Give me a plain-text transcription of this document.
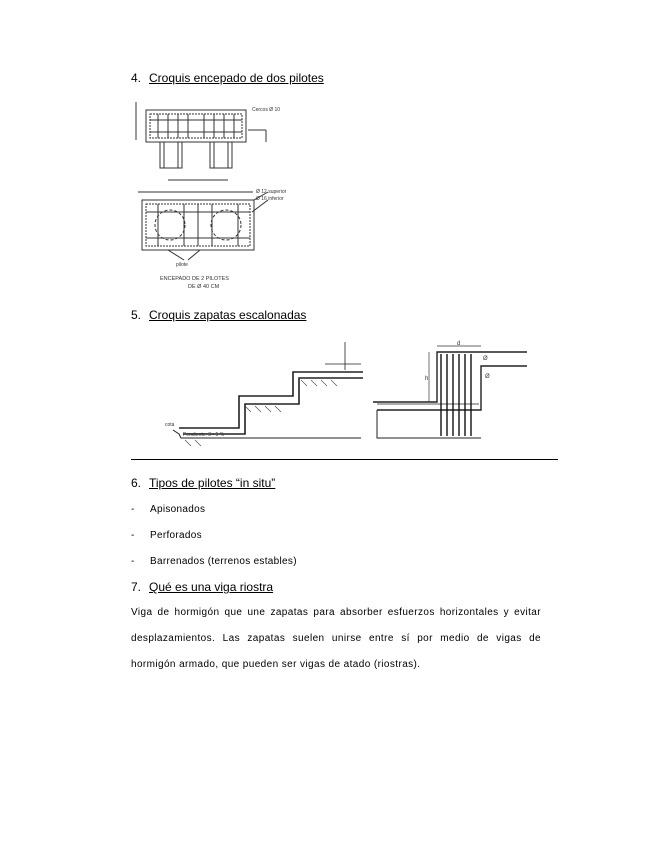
4. Croquis encepado de dos pilotes
Cercos Ø 10
Ø 12 superior
Ø 16 inferior
pilote
ENCEPADO DE 2 PILOTES
DE Ø 40 CM
5. Croquis zapatas escalonadas
cota
Pendiente: 3 - 5 %
d
h
Ø
Ø
6. Tipos de pilotes “in situ”
- Apisonados
- Perforados
- Barrenados (terrenos estables)
7. Qué es una viga riostra
Viga de hormigón que une zapatas para absorber esfuerzos horizontales y evitar desplazamientos. Las zapatas suelen unirse entre sí por medio de vigas de hormigón armado, que pueden ser vigas de atado (riostras).
